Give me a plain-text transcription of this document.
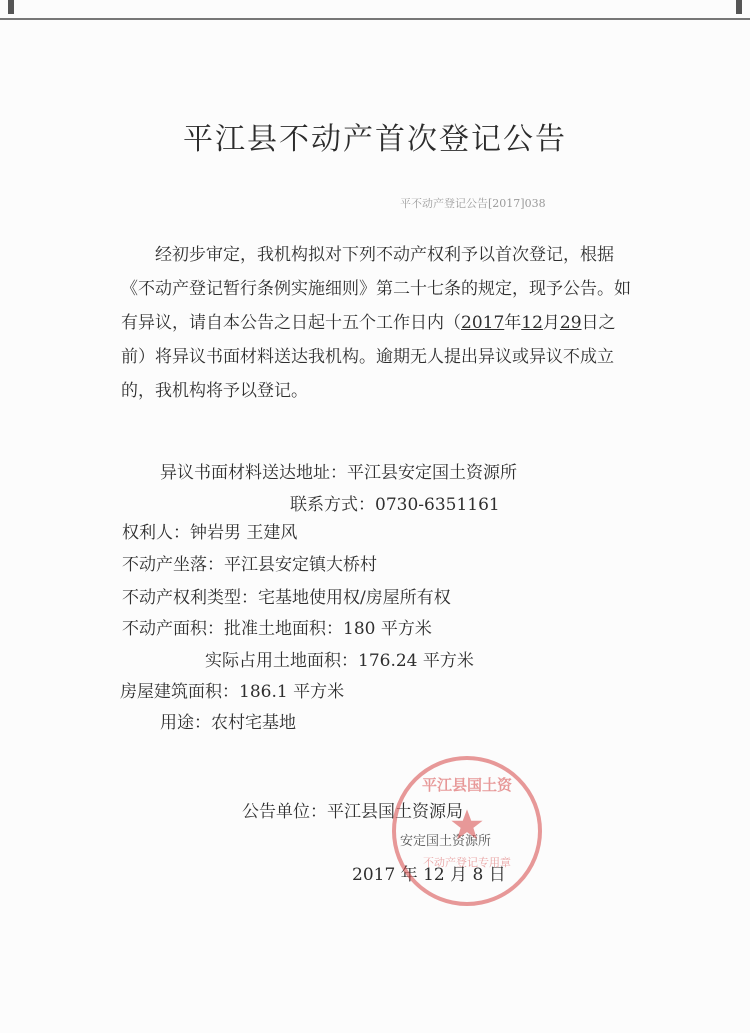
平江县不动产首次登记公告
平不动产登记公告[2017]038
经初步审定，我机构拟对下列不动产权利予以首次登记，根据《不动产登记暂行条例实施细则》第二十七条的规定，现予公告。如有异议，请自本公告之日起十五个工作日内（2017年12月29日之前）将异议书面材料送达我机构。逾期无人提出异议或异议不成立的，我机构将予以登记。
异议书面材料送达地址：平江县安定国土资源所
联系方式：0730-6351161
权利人：钟岩男 王建风
不动产坐落：平江县安定镇大桥村
不动产权利类型：宅基地使用权/房屋所有权
不动产面积：批准土地面积：180 平方米
实际占用土地面积：176.24 平方米
房屋建筑面积：186.1 平方米
用途：农村宅基地
公告单位：平江县国土资源局
安定国土资源所
2017 年 12 月 8 日
平江县国土资
不动产登记专用章
